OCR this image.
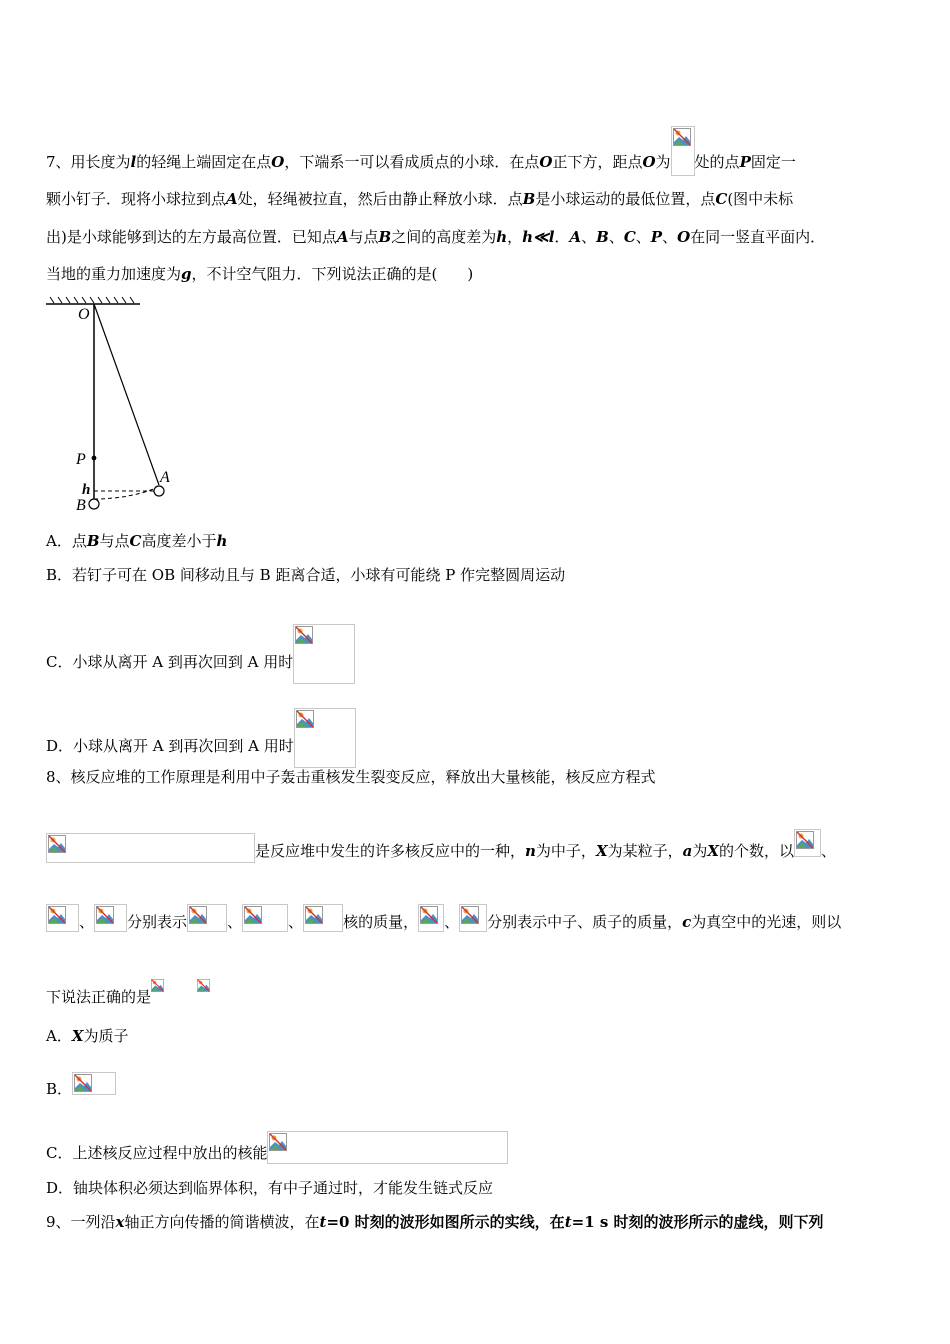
7、用长度为l的轻绳上端固定在点O，下端系一可以看成质点的小球．在点O正下方，距点O为 处的点P固定一
颗小钉子．现将小球拉到点A处，轻绳被拉直，然后由静止释放小球．点B是小球运动的最低位置，点C(图中未标
出)是小球能够到达的左方最高位置．已知点A与点B之间的高度差为h，h≪l．A、B、C、P、O在同一竖直平面内．
当地的重力加速度为g，不计空气阻力．下列说法正确的是(　　)
O
P
A
h
B
A．点B与点C高度差小于h
B．若钉子可在 OB 间移动且与 B 距离合适，小球有可能绕 P 作完整圆周运动
C．小球从离开 A 到再次回到 A 用时
D．小球从离开 A 到再次回到 A 用时
8、核反应堆的工作原理是利用中子轰击重核发生裂变反应，释放出大量核能，核反应方程式
是反应堆中发生的许多核反应中的一种，n为中子，X为某粒子，a为X的个数，以 、
、 分别表示	、	、	核的质量， 、 分别表示中子、质子的质量，c为真空中的光速，则以
下说法正确的是
A．X为质子
B．
C．上述核反应过程中放出的核能
D．铀块体积必须达到临界体积，有中子通过时，才能发生链式反应
9、一列沿x轴正方向传播的简谐横波，在t=0 时刻的波形如图所示的实线，在t=1 s 时刻的波形所示的虚线，则下列
